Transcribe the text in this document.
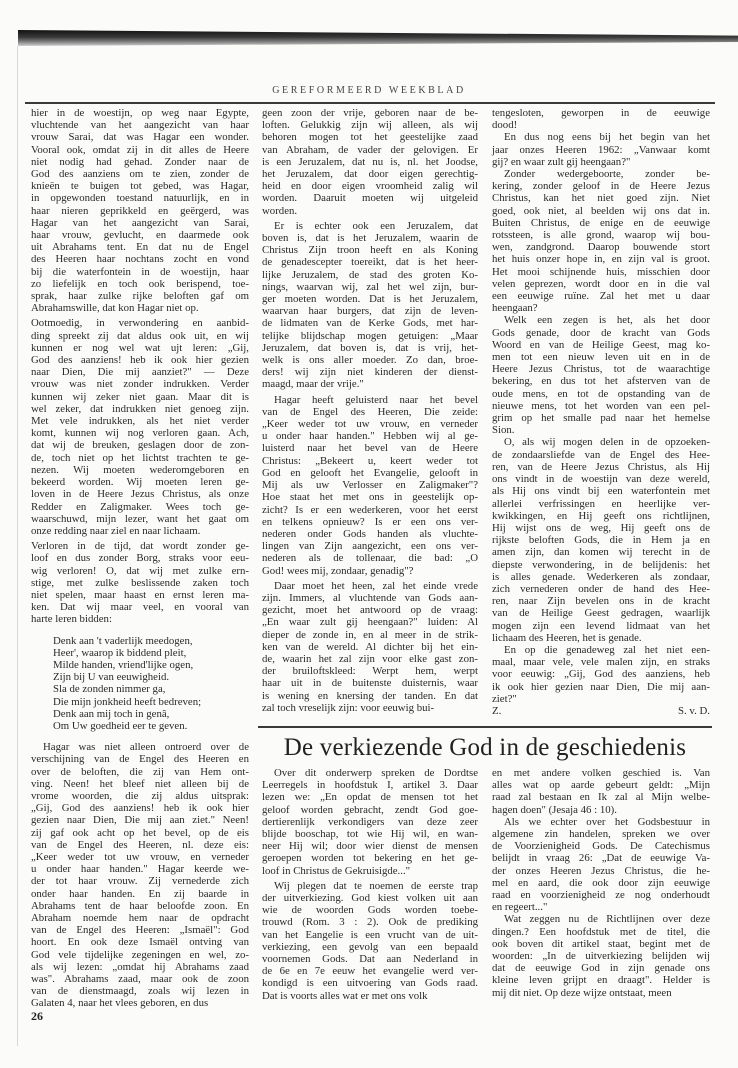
GEREFORMEERD WEEKBLAD
hier in de woestijn, op weg naar Egypte,
vluchtende van het aangezicht van haar
vrouw Sarai, dat was Hagar een wonder.
Vooral ook, omdat zij in dit alles de Heere
niet nodig had gehad. Zonder naar de
God des aanziens om te zien, zonder de
knieën te buigen tot gebed, was Hagar,
in opgewonden toestand natuurlijk, en in
haar nieren geprikkeld en geërgerd, was
Hagar van het aangezicht van Sarai,
haar vrouw, gevlucht, en daarmede ook
uit Abrahams tent. En dat nu de Engel
des Heeren haar nochtans zocht en vond
bij die waterfontein in de woestijn, haar
zo liefelijk en toch ook berispend, toe-
sprak, haar zulke rijke beloften gaf om
Abrahamswille, dat kon Hagar niet op.
Ootmoedig, in verwondering en aanbid-
ding spreekt zij dat aldus ook uit, en wij
kunnen er nog wel wat ujt leren: „Gij,
God des aanziens! heb ik ook hier gezien
naar Dien, Die mij aanziet?" — Deze
vrouw was niet zonder indrukken. Verder
kunnen wij zeker niet gaan. Maar dit is
wel zeker, dat indrukken niet genoeg zijn.
Met vele indrukken, als het niet verder
komt, kunnen wij nog verloren gaan. Ach,
dat wij de breuken, geslagen door de zon-
de, toch niet op het lichtst trachten te ge-
nezen. Wij moeten wederomgeboren en
bekeerd worden. Wij moeten leren ge-
loven in de Heere Jezus Christus, als onze
Redder en Zaligmaker. Wees toch ge-
waarschuwd, mijn lezer, want het gaat om
onze redding naar ziel en naar lichaam.
Verloren in de tijd, dat wordt zonder ge-
loof en dus zonder Borg, straks voor eeu-
wig verloren! O, dat wij met zulke ern-
stige, met zulke beslissende zaken toch
niet spelen, maar haast en ernst leren ma-
ken. Dat wij maar veel, en vooral van
harte leren bidden:
Denk aan 't vaderlijk meedogen,
Heer', waarop ik biddend pleit,
Milde handen, vriend'lijke ogen,
Zijn bij U van eeuwigheid.
Sla de zonden nimmer ga,
Die mijn jonkheid heeft bedreven;
Denk aan mij toch in genâ,
Om Uw goedheid eer te geven.
Hagar was niet alleen ontroerd over de
verschijning van de Engel des Heeren en
over de beloften, die zij van Hem ont-
ving. Neen! het bleef niet alleen bij de
vrome woorden, die zij aldus uitsprak:
„Gij, God des aanziens! heb ik ook hier
gezien naar Dien, Die mij aan ziet." Neen!
zij gaf ook acht op het bevel, op de eis
van de Engel des Heeren, nl. deze eis:
„Keer weder tot uw vrouw, en verneder
u onder haar handen." Hagar keerde we-
der tot haar vrouw. Zij vernederde zich
onder haar handen. En zij baarde in
Abrahams tent de haar beloofde zoon. En
Abraham noemde hem naar de opdracht
van de Engel des Heeren: „Ismaël": God
hoort. En ook deze Ismaël ontving van
God vele tijdelijke zegeningen en wel, zo-
als wij lezen: „omdat hij Abrahams zaad
was". Abrahams zaad, maar ook de zoon
van de dienstmaagd, zoals wij lezen in
Galaten 4, naar het vlees geboren, en dus
geen zoon der vrije, geboren naar de be-
loften. Gelukkig zijn wij alleen, als wij
behoren mogen tot het geestelijke zaad
van Abraham, de vader der gelovigen. Er
is een Jeruzalem, dat nu is, nl. het Joodse,
het Jeruzalem, dat door eigen gerechtig-
heid en door eigen vroomheid zalig wil
worden. Daaruit moeten wij uitgeleid
worden.
Er is echter ook een Jeruzalem, dat
boven is, dat is het Jeruzalem, waarin de
Christus Zijn troon heeft en als Koning
de genadescepter toereikt, dat is het heer-
lijke Jeruzalem, de stad des groten Ko-
nings, waarvan wij, zal het wel zijn, bur-
ger moeten worden. Dat is het Jeruzalem,
waarvan haar burgers, dat zijn de leven-
de lidmaten van de Kerke Gods, met har-
telijke blijdschap mogen getuigen: „Maar
Jeruzalem, dat boven is, dat is vrij, het-
welk is ons aller moeder. Zo dan, broe-
ders! wij zijn niet kinderen der dienst-
maagd, maar der vrije."
Hagar heeft geluisterd naar het bevel
van de Engel des Heeren, Die zeide:
„Keer weder tot uw vrouw, en verneder
u onder haar handen." Hebben wij al ge-
luisterd naar het bevel van de Heere
Christus: „Bekeert u, keert weder tot
God en gelooft het Evangelie, gelooft in
Mij als uw Verlosser en Zaligmaker"?
Hoe staat het met ons in geestelijk op-
zicht? Is er een wederkeren, voor het eerst
en telkens opnieuw? Is er een ons ver-
nederen onder Gods handen als vluchte-
lingen van Zijn aangezicht, een ons ver-
nederen als de tollenaar, die bad: „O
God! wees mij, zondaar, genadig"?
Daar moet het heen, zal het einde vrede
zijn. Immers, al vluchtende van Gods aan-
gezicht, moet het antwoord op de vraag:
„En waar zult gij heengaan?" luiden: Al
dieper de zonde in, en al meer in de strik-
ken van de wereld. Al dichter bij het ein-
de, waarin het zal zijn voor elke gast zon-
der bruiloftskleed: Werpt hem, werpt
haar uit in de buitenste duisternis, waar
is wening en knersing der tanden. En dat
zal toch vreselijk zijn: voor eeuwig bui-
tengesloten, geworpen in de eeuwige
dood!
En dus nog eens bij het begin van het
jaar onzes Heeren 1962: „Vanwaar komt
gij? en waar zult gij heengaan?"
Zonder wedergeboorte, zonder be-
kering, zonder geloof in de Heere Jezus
Christus, kan het niet goed zijn. Niet
goed, ook niet, al beelden wij ons dat in.
Buiten Christus, de enige en de eeuwige
rotssteen, is alle grond, waarop wij bou-
wen, zandgrond. Daarop bouwende stort
het huis onzer hope in, en zijn val is groot.
Het mooi schijnende huis, misschien door
velen geprezen, wordt door en in die val
een eeuwige ruïne. Zal het met u daar
heengaan?
Welk een zegen is het, als het door
Gods genade, door de kracht van Gods
Woord en van de Heilige Geest, mag ko-
men tot een nieuw leven uit en in de
Heere Jezus Christus, tot de waarachtige
bekering, en dus tot het afsterven van de
oude mens, en tot de opstanding van de
nieuwe mens, tot het worden van een pel-
grim op het smalle pad naar het hemelse
Sion.
O, als wij mogen delen in de opzoeken-
de zondaarsliefde van de Engel des Hee-
ren, van de Heere Jezus Christus, als Hij
ons vindt in de woestijn van deze wereld,
als Hij ons vindt bij een waterfontein met
allerlei verfrissingen en heerlijke ver-
kwikkingen, en Hij geeft ons richtlijnen,
Hij wijst ons de weg, Hij geeft ons de
rijkste beloften Gods, die in Hem ja en
amen zijn, dan komen wij terecht in de
diepste verwondering, in de belijdenis: het
is alles genade. Wederkeren als zondaar,
zich vernederen onder de hand des Hee-
ren, naar Zijn bevelen ons in de kracht
van de Heilige Geest gedragen, waarlijk
mogen zijn een levend lidmaat van het
lichaam des Heeren, het is genade.
En op die genadeweg zal het niet een-
maal, maar vele, vele malen zijn, en straks
voor eeuwig: „Gij, God des aanziens, heb
ik ook hier gezien naar Dien, Die mij aan-
ziet?"
Z.	S. v. D.
De verkiezende God in de geschiedenis
Over dit onderwerp spreken de Dordtse
Leerregels in hoofdstuk I, artikel 3. Daar
lezen we: „En opdat de mensen tot het
geloof worden gebracht, zendt God goe-
dertierenlijk verkondigers van deze zeer
blijde booschap, tot wie Hij wil, en wan-
neer Hij wil; door wier dienst de mensen
geroepen worden tot bekering en het ge-
loof in Christus de Gekruisigde..."
Wij plegen dat te noemen de eerste trap
der uitverkiezing. God kiest volken uit aan
wie de woorden Gods worden toebe-
trouwd (Rom. 3 : 2). Ook de prediking
van het Eangelie is een vrucht van de uit-
verkiezing, een gevolg van een bepaald
voornemen Gods. Dat aan Nederland in
de 6e en 7e eeuw het evangelie werd ver-
kondigd is een uitvoering van Gods raad.
Dat is voorts alles wat er met ons volk
en met andere volken geschied is. Van
alles wat op aarde gebeurt geldt: „Mijn
raad zal bestaan en Ik zal al Mijn welbe-
hagen doen" (Jesaja 46 : 10).
Als we echter over het Godsbestuur in
algemene zin handelen, spreken we over
de Voorzienigheid Gods. De Catechismus
belijdt in vraag 26: „Dat de eeuwige Va-
der onzes Heeren Jezus Christus, die he-
mel en aard, die ook door zijn eeuwige
raad en voorzienigheid ze nog onderhoudt
en regeert..."
Wat zeggen nu de Richtlijnen over deze
dingen.? Een hoofdstuk met de titel, die
ook boven dit artikel staat, begint met de
woorden: „In de uitverkiezing belijden wij
dat de eeuwige God in zijn genade ons
kleine leven grijpt en draagt". Helder is
mij dit niet. Op deze wijze ontstaat, meen
26
